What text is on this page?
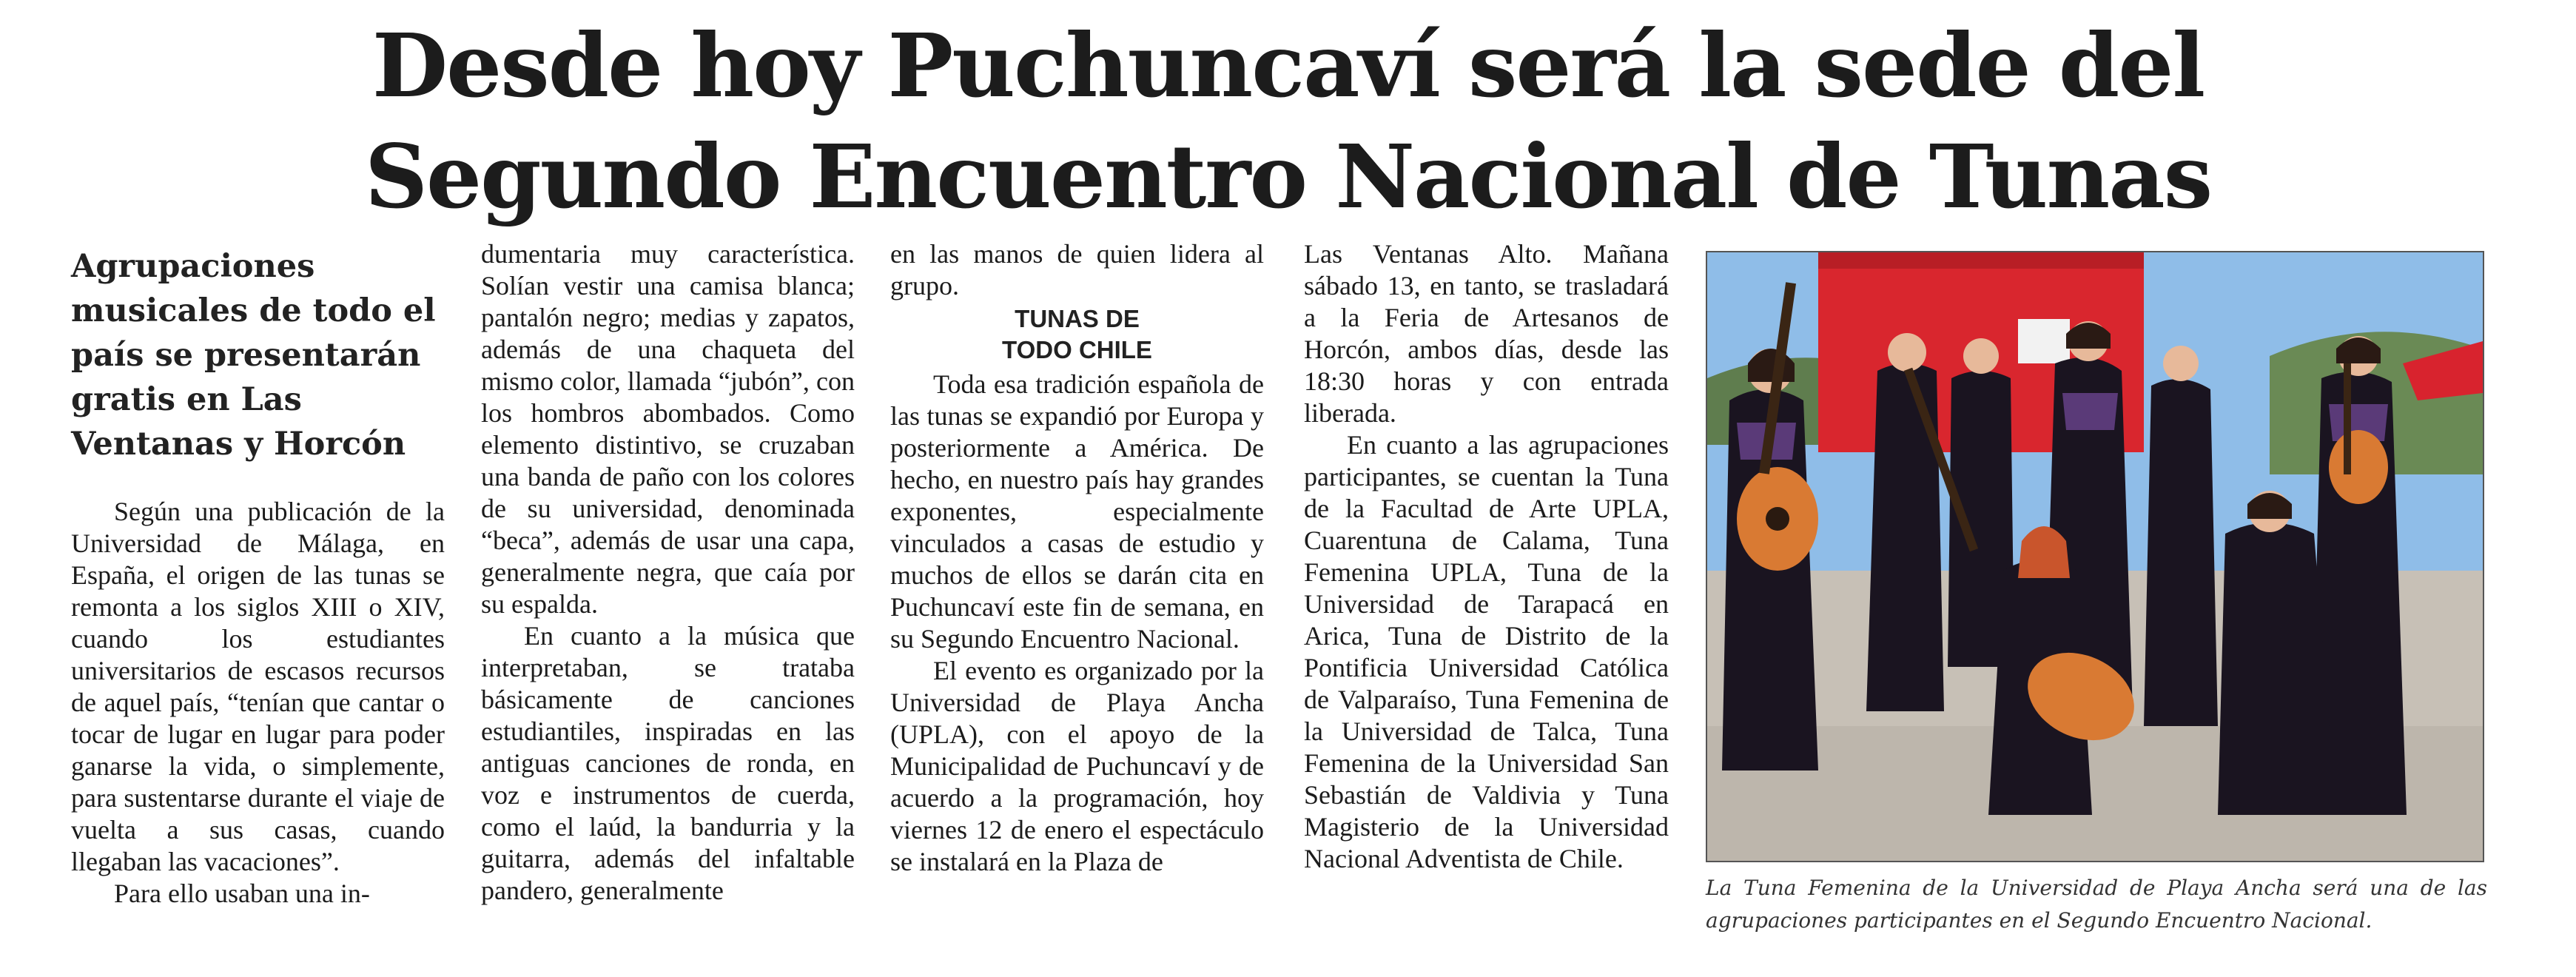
Desde hoy Puchuncaví será la sede del
Segundo Encuentro Nacional de Tunas
Agrupaciones musicales de todo el país se presentarán gratis en Las Ventanas y Horcón

Según una publicación de la Universidad de Málaga, en España, el origen de las tunas se remonta a los siglos XIII o XIV, cuando los estudiantes universitarios de escasos recursos de aquel país, “tenían que cantar o tocar de lugar en lugar para poder ganarse la vida, o simplemente, para sustentarse durante el viaje de vuelta a sus casas, cuando llegaban las vacaciones”.

Para ello usaban una in-

dumentaria muy característica. Solían vestir una camisa blanca; pantalón negro; medias y zapatos, además de una chaqueta del mismo color, llamada “jubón”, con los hombros abombados. Como elemento distintivo, se cruzaban una banda de paño con los colores de su universidad, denominada “beca”, además de usar una capa, generalmente negra, que caía por su espalda.

En cuanto a la música que interpretaban, se trataba básicamente de canciones estudiantiles, inspiradas en las antiguas canciones de ronda, en voz e instrumentos de cuerda, como el laúd, la bandurria y la guitarra, además del infaltable pandero, generalmente

en las manos de quien lidera al grupo.

TUNAS DE
TODO CHILE

Toda esa tradición española de las tunas se expandió por Europa y posteriormente a América. De hecho, en nuestro país hay grandes exponentes, especialmente vinculados a casas de estudio y muchos de ellos se darán cita en Puchuncaví este fin de semana, en su Segundo Encuentro Nacional.

El evento es organizado por la Universidad de Playa Ancha (UPLA), con el apoyo de la Municipalidad de Puchuncaví y de acuerdo a la programación, hoy viernes 12 de enero el espectáculo se instalará en la Plaza de

Las Ventanas Alto. Mañana sábado 13, en tanto, se trasladará a la Feria de Artesanos de Horcón, ambos días, desde las 18:30 horas y con entrada liberada.

En cuanto a las agrupaciones participantes, se cuentan la Tuna de la Facultad de Arte UPLA, Cuarentuna de Calama, Tuna Femenina UPLA, Tuna de la Universidad de Tarapacá en Arica, Tuna de Distrito de la Pontificia Universidad Católica de Valparaíso, Tuna Femenina de la Universidad de Talca, Tuna Femenina de la Universidad San Sebastián de Valdivia y Tuna Magisterio de la Universidad Nacional Adventista de Chile.

La Tuna Femenina de la Universidad de Playa Ancha será una de las agrupaciones participantes en el Segundo Encuentro Nacional.
